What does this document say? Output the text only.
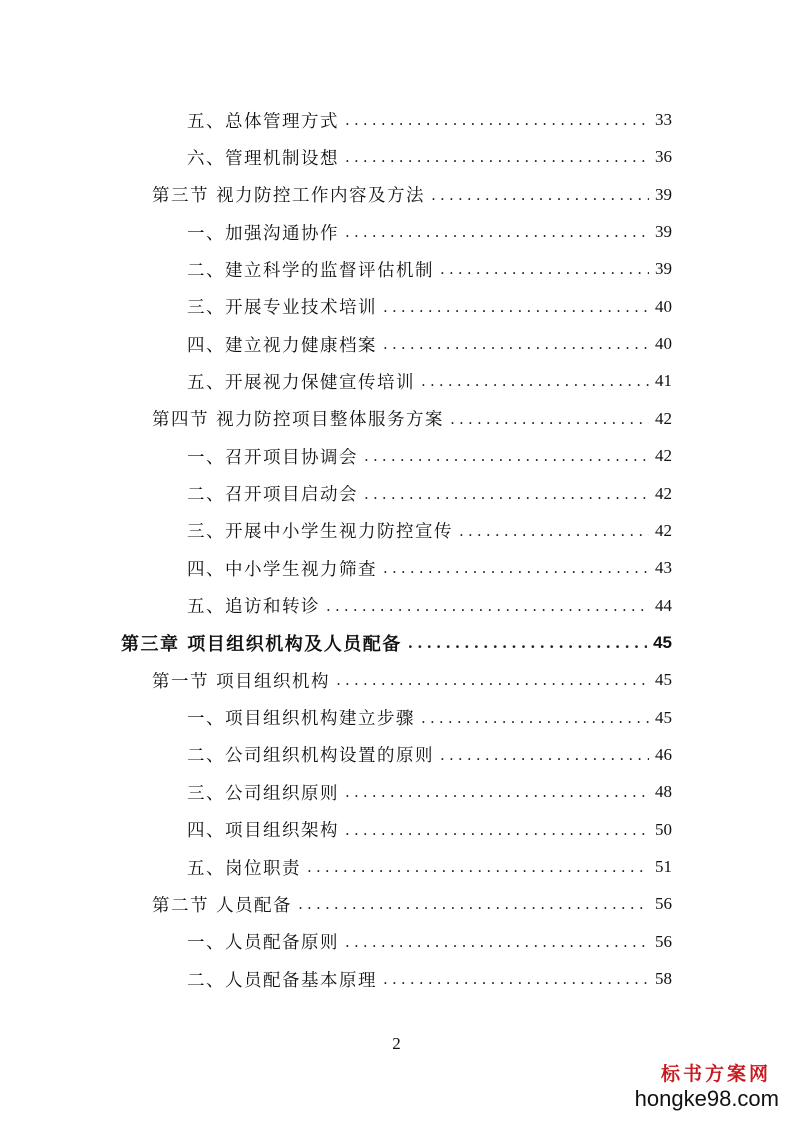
五、总体管理方式 .....	33
六、管理机制设想 .....	36
第三节 视力防控工作内容及方法 .....	39
一、加强沟通协作 .....	39
二、建立科学的监督评估机制 .....	39
三、开展专业技术培训 .....	40
四、建立视力健康档案 .....	40
五、开展视力保健宣传培训 .....	41
第四节 视力防控项目整体服务方案 .....	42
一、召开项目协调会 .....	42
二、召开项目启动会 .....	42
三、开展中小学生视力防控宣传 .....	42
四、中小学生视力筛查 .....	43
五、追访和转诊 .....	44
第三章 项目组织机构及人员配备 .....	45
第一节 项目组织机构 .....	45
一、项目组织机构建立步骤 .....	45
二、公司组织机构设置的原则 .....	46
三、公司组织原则 .....	48
四、项目组织架构 .....	50
五、岗位职责 .....	51
第二节 人员配备 .....	56
一、人员配备原则 .....	56
二、人员配备基本原理 .....	58
2
标书方案网
hongke98.com
